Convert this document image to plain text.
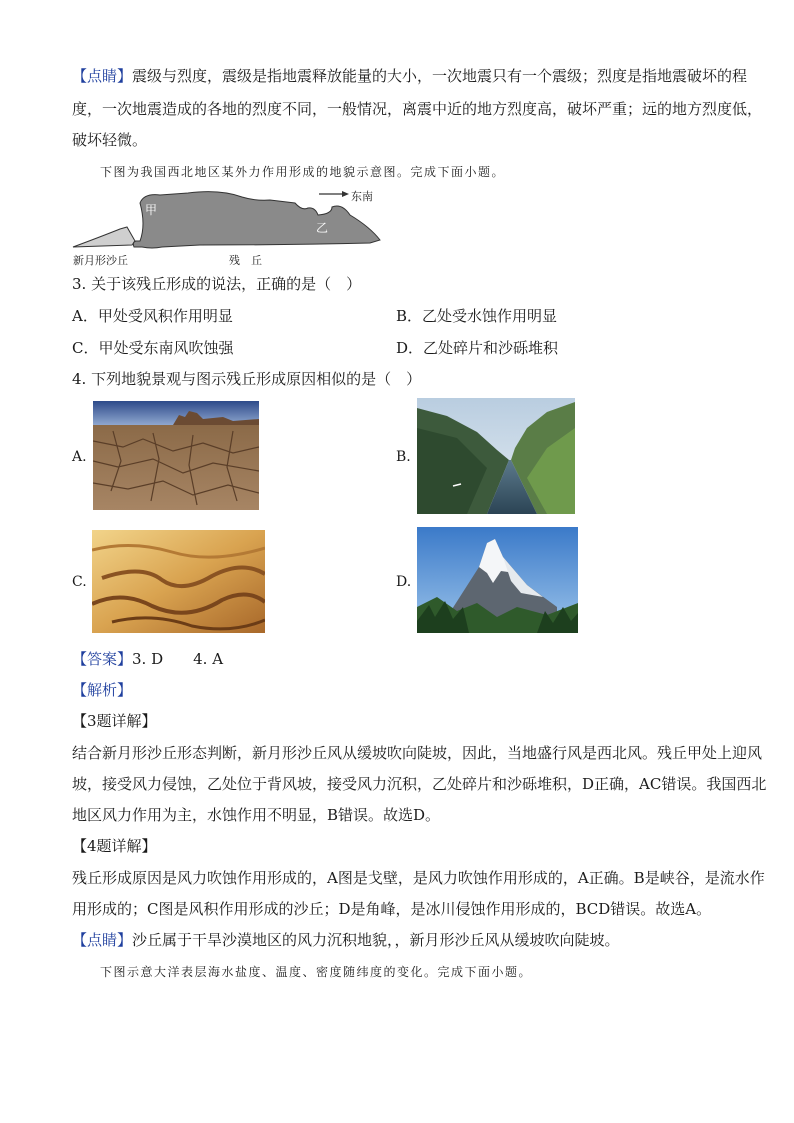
【点睛】震级与烈度，震级是指地震释放能量的大小，一次地震只有一个震级；烈度是指地震破坏的程
度，一次地震造成的各地的烈度不同，一般情况，离震中近的地方烈度高，破坏严重；远的地方烈度低，
破坏轻微。
下图为我国西北地区某外力作用形成的地貌示意图。完成下面小题。
东南
甲
乙
新月形沙丘	残　丘
3. 关于该残丘形成的说法，正确的是（　）
A．甲处受风积作用明显	B．乙处受水蚀作用明显
C．甲处受东南风吹蚀强	D．乙处碎片和沙砾堆积
4. 下列地貌景观与图示残丘形成原因相似的是（　）
A.	B.
C.	D.
【答案】3. D　　4. A
【解析】
【3题详解】
结合新月形沙丘形态判断，新月形沙丘风从缓坡吹向陡坡，因此，当地盛行风是西北风。残丘甲处上迎风
坡，接受风力侵蚀，乙处位于背风坡，接受风力沉积，乙处碎片和沙砾堆积，D正确，AC错误。我国西北
地区风力作用为主，水蚀作用不明显，B错误。故选D。
【4题详解】
残丘形成原因是风力吹蚀作用形成的，A图是戈壁，是风力吹蚀作用形成的，A正确。B是峡谷，是流水作
用形成的；C图是风积作用形成的沙丘；D是角峰，是冰川侵蚀作用形成的，BCD错误。故选A。
【点睛】沙丘属于干旱沙漠地区的风力沉积地貌，，新月形沙丘风从缓坡吹向陡坡。
下图示意大洋表层海水盐度、温度、密度随纬度的变化。完成下面小题。
